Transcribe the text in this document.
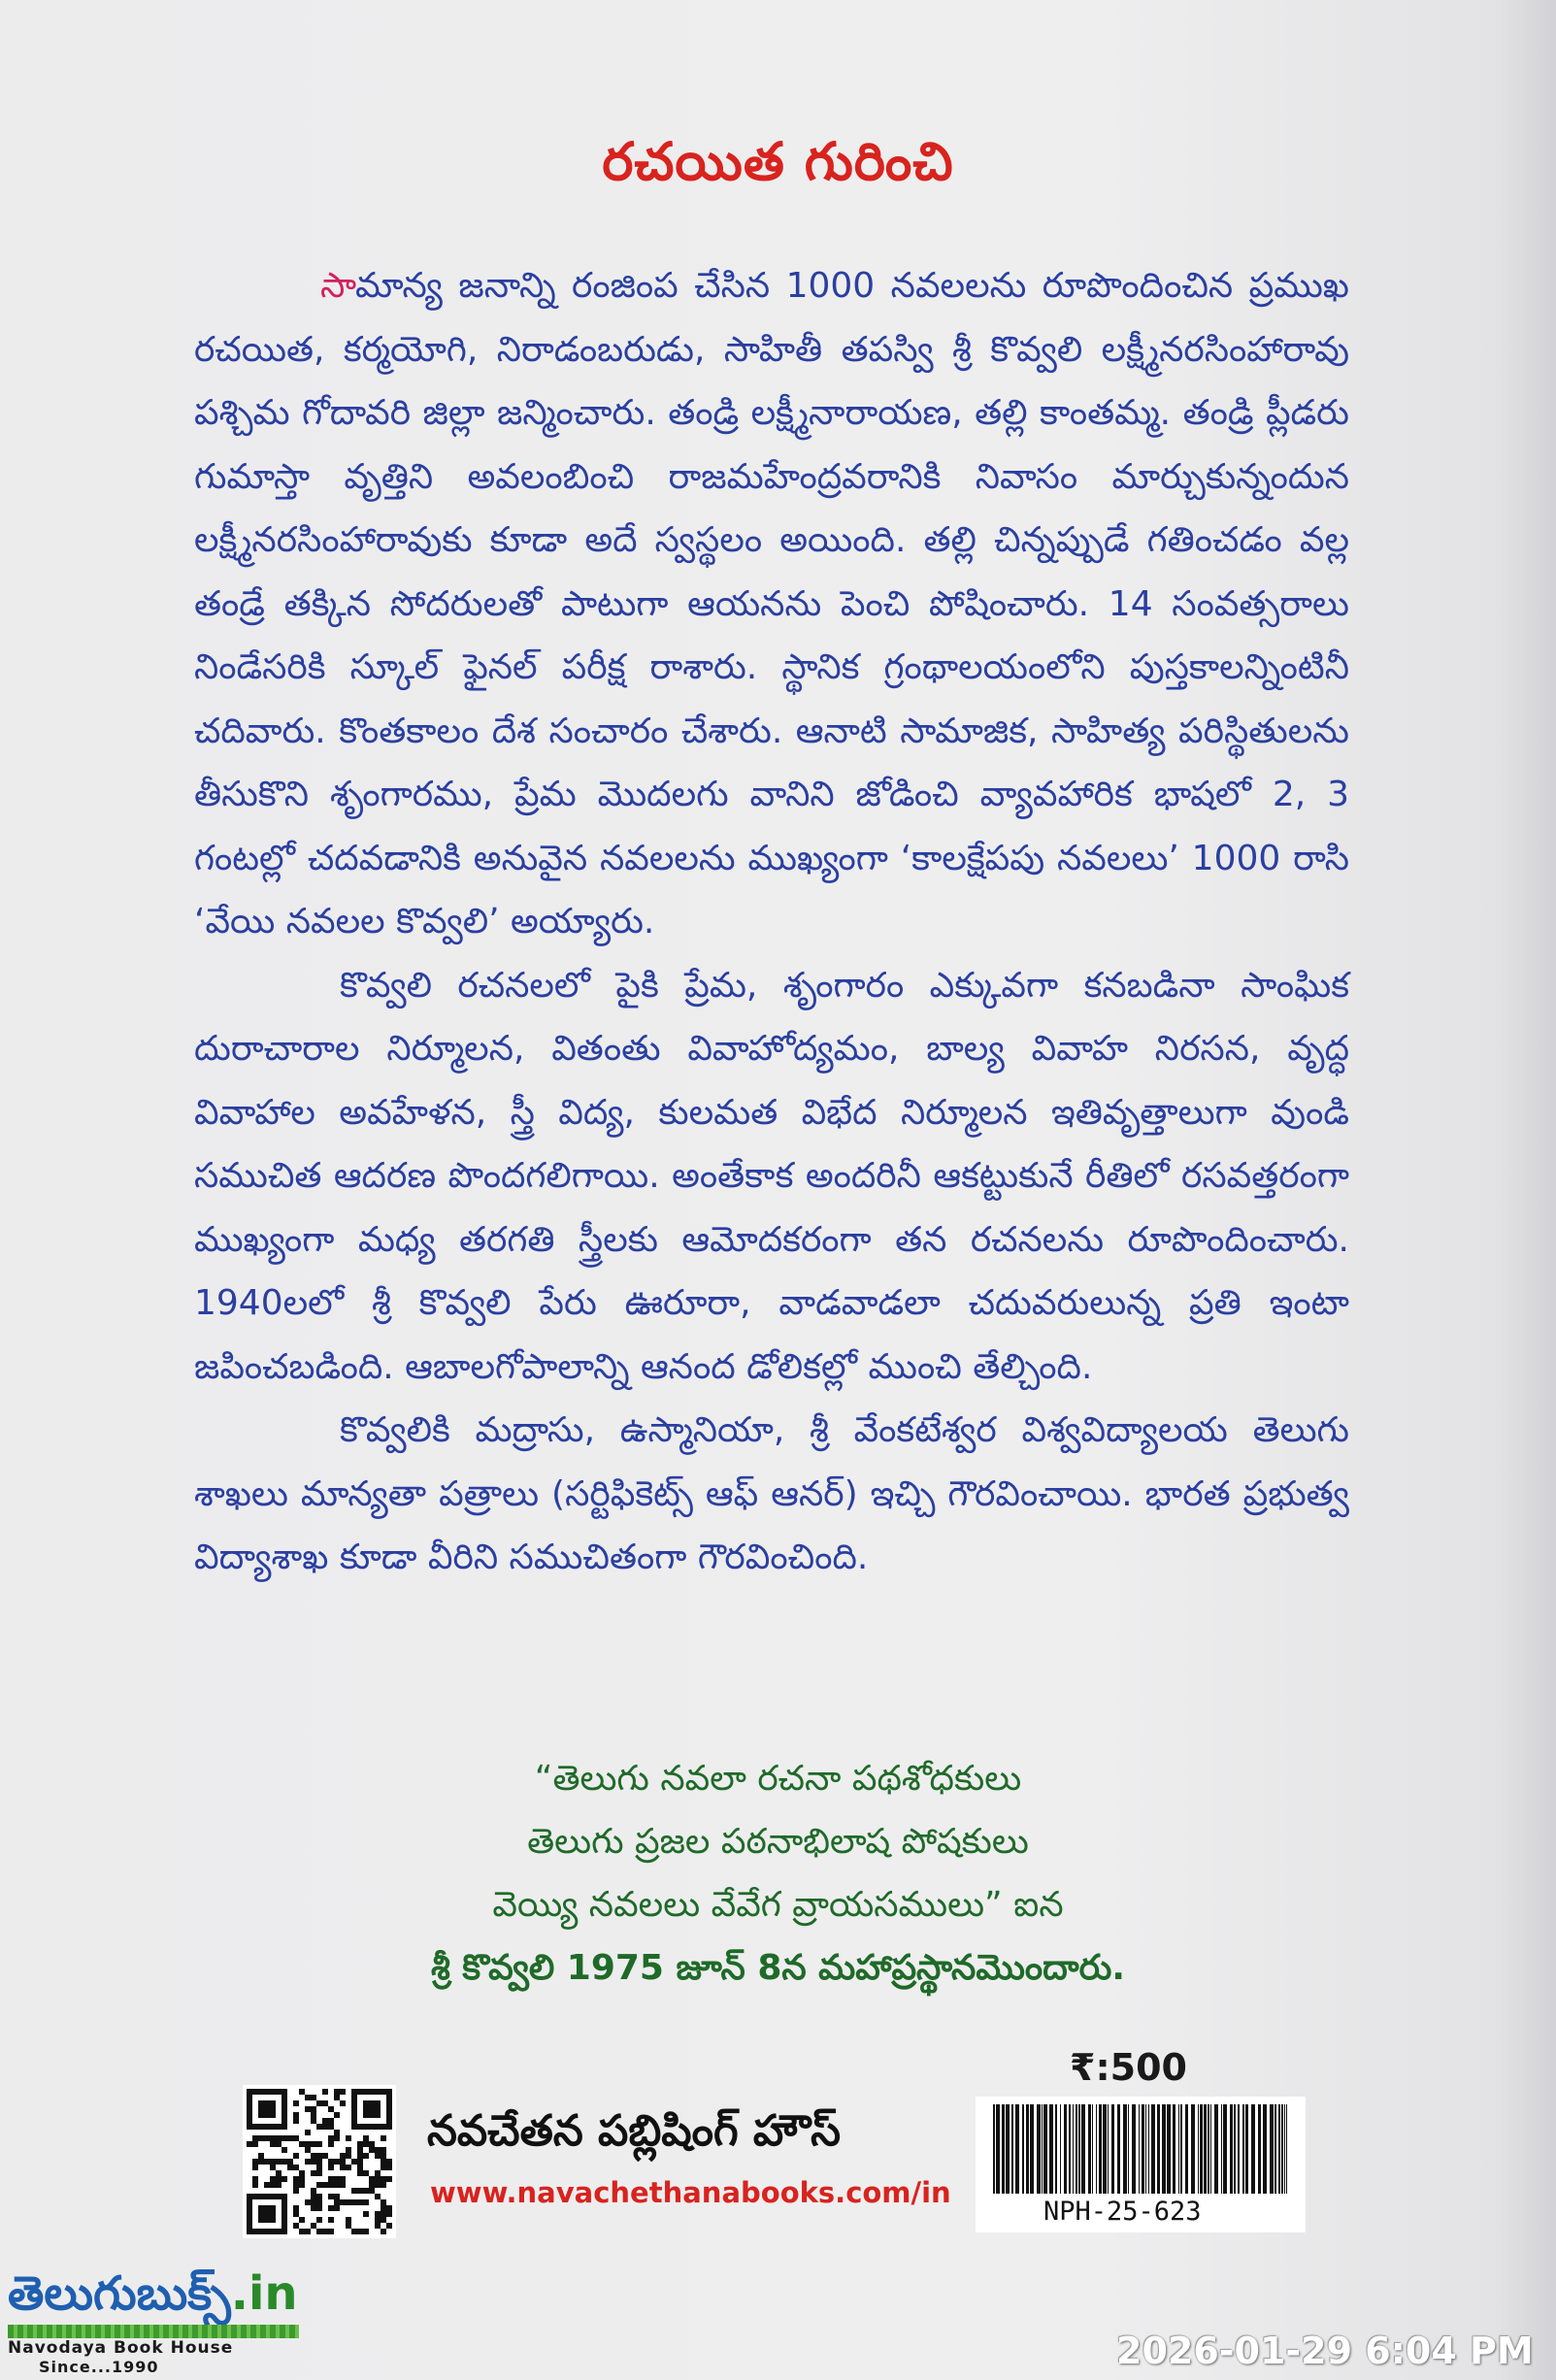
రచయిత గురించి

సామాన్య జనాన్ని రంజింప చేసిన 1000 నవలలను రూపొందించిన ప్రముఖ రచయిత, కర్మయోగి, నిరాడంబరుడు, సాహితీ తపస్వి శ్రీ కొవ్వలి లక్ష్మీనరసింహారావు పశ్చిమ గోదావరి జిల్లా జన్మించారు. తండ్రి లక్ష్మీనారాయణ, తల్లి కాంతమ్మ. తండ్రి ప్లీడరు గుమాస్తా వృత్తిని అవలంబించి రాజమహేంద్రవరానికి నివాసం మార్చుకున్నందున లక్ష్మీనరసింహారావుకు కూడా అదే స్వస్థలం అయింది. తల్లి చిన్నప్పుడే గతించడం వల్ల తండ్రే తక్కిన సోదరులతో పాటుగా ఆయనను పెంచి పోషించారు. 14 సంవత్సరాలు నిండేసరికి స్కూల్ ఫైనల్ పరీక్ష రాశారు. స్థానిక గ్రంథాలయంలోని పుస్తకాలన్నింటినీ చదివారు. కొంతకాలం దేశ సంచారం చేశారు. ఆనాటి సామాజిక, సాహిత్య పరిస్థితులను తీసుకొని శృంగారము, ప్రేమ మొదలగు వానిని జోడించి వ్యావహారిక భాషలో 2, 3 గంటల్లో చదవడానికి అనువైన నవలలను ముఖ్యంగా ‘కాలక్షేపపు నవలలు’ 1000 రాసి ‘వేయి నవలల కొవ్వలి’ అయ్యారు.

కొవ్వలి రచనలలో పైకి ప్రేమ, శృంగారం ఎక్కువగా కనబడినా సాంఘిక దురాచారాల నిర్మూలన, వితంతు వివాహోద్యమం, బాల్య వివాహ నిరసన, వృద్ధ వివాహాల అవహేళన, స్త్రీ విద్య, కులమత విభేద నిర్మూలన ఇతివృత్తాలుగా వుండి సముచిత ఆదరణ పొందగలిగాయి. అంతేకాక అందరినీ ఆకట్టుకునే రీతిలో రసవత్తరంగా ముఖ్యంగా మధ్య తరగతి స్త్రీలకు ఆమోదకరంగా తన రచనలను రూపొందించారు. 1940లలో శ్రీ కొవ్వలి పేరు ఊరూరా, వాడవాడలా చదువరులున్న ప్రతి ఇంటా జపించబడింది. ఆబాలగోపాలాన్ని ఆనంద డోలికల్లో ముంచి తేల్చింది.

కొవ్వలికి మద్రాసు, ఉస్మానియా, శ్రీ వేంకటేశ్వర విశ్వవిద్యాలయ తెలుగు శాఖలు మాన్యతా పత్రాలు (సర్టిఫికెట్స్ ఆఫ్ ఆనర్) ఇచ్చి గౌరవించాయి. భారత ప్రభుత్వ విద్యాశాఖ కూడా వీరిని సముచితంగా గౌరవించింది.

“తెలుగు నవలా రచనా పథశోధకులు
తెలుగు ప్రజల పఠనాభిలాష పోషకులు
వెయ్యి నవలలు వేవేగ వ్రాయసములు” ఐన
శ్రీ కొవ్వలి 1975 జూన్ 8న మహాప్రస్థానమొందారు.
₹:500
నవచేతన పబ్లిషింగ్ హౌస్
www.navachethanabooks.com/in
NPH-25-623
తెలుగుబుక్స్.in
Navodaya Book House
Since...1990	2026-01-29 6:04 PM
